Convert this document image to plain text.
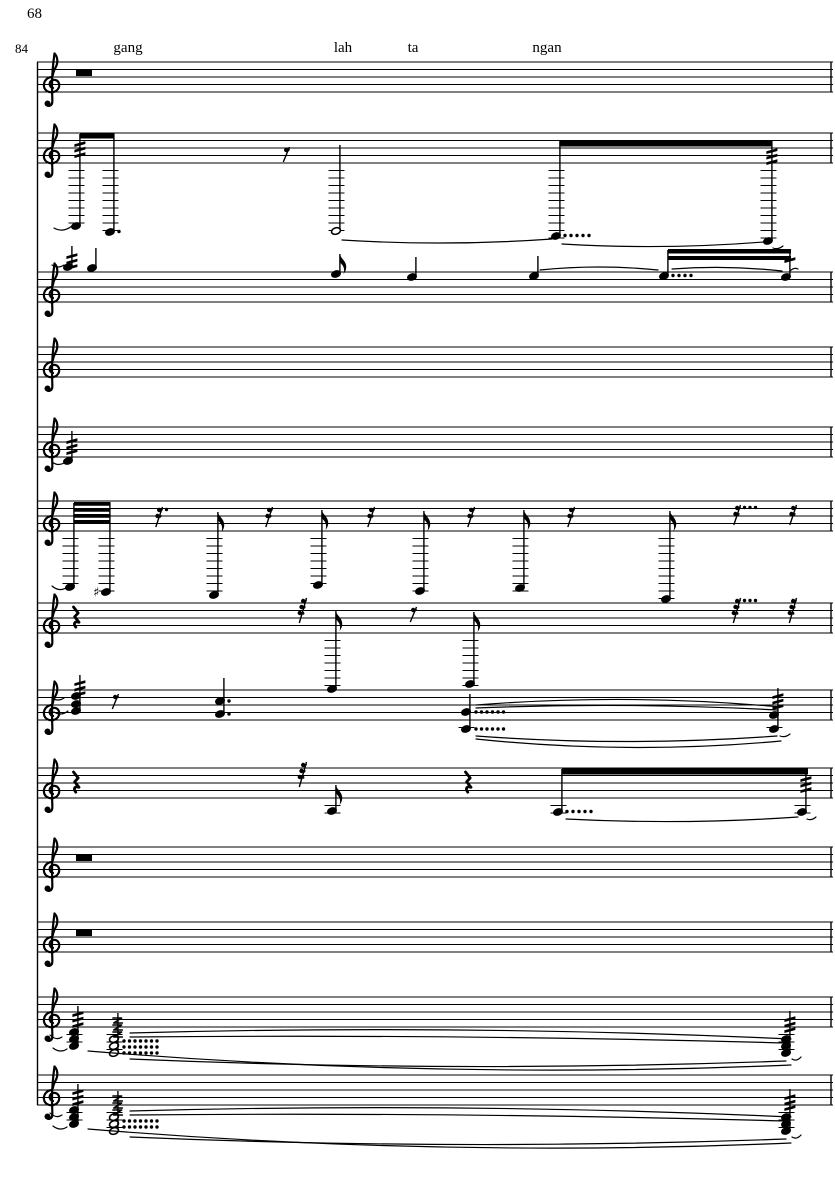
68
84
♯
gang	lah	ta	ngan
